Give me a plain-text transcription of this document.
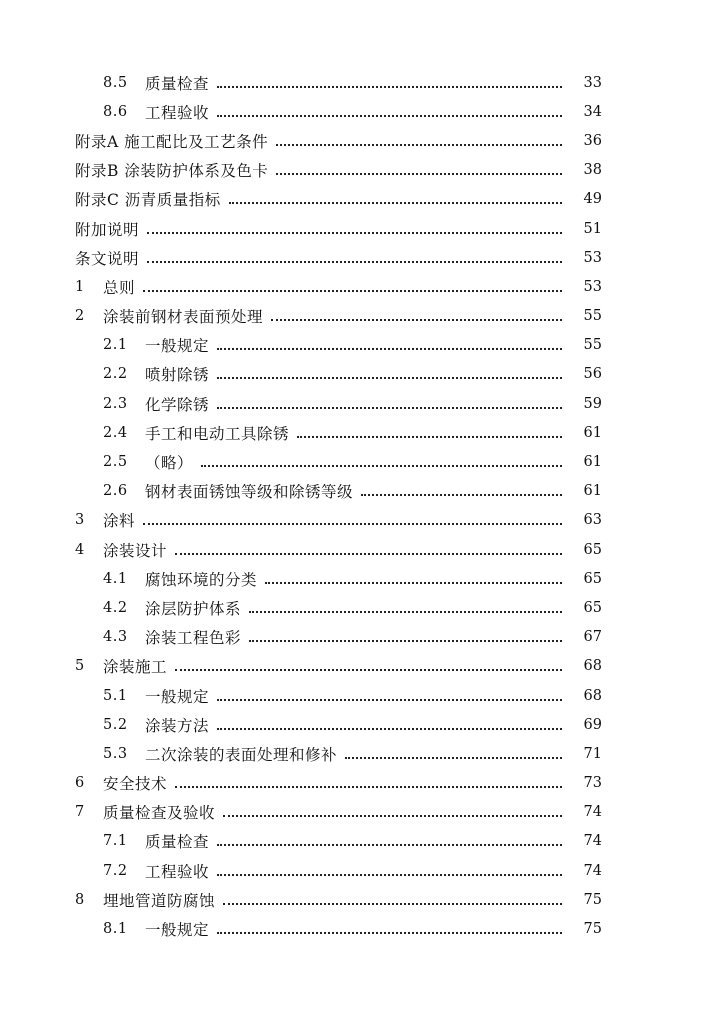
8.5	质量检查	33
8.6	工程验收	34
附录A 施工配比及工艺条件	36
附录B 涂装防护体系及色卡	38
附录C 沥青质量指标	49
附加说明	51
条文说明	53
1	总则	53
2	涂装前钢材表面预处理	55
2.1	一般规定	55
2.2	喷射除锈	56
2.3	化学除锈	59
2.4	手工和电动工具除锈	61
2.5	（略）	61
2.6	钢材表面锈蚀等级和除锈等级	61
3	涂料	63
4	涂装设计	65
4.1	腐蚀环境的分类	65
4.2	涂层防护体系	65
4.3	涂装工程色彩	67
5	涂装施工	68
5.1	一般规定	68
5.2	涂装方法	69
5.3	二次涂装的表面处理和修补	71
6	安全技术	73
7	质量检查及验收	74
7.1	质量检查	74
7.2	工程验收	74
8	埋地管道防腐蚀	75
8.1	一般规定	75
